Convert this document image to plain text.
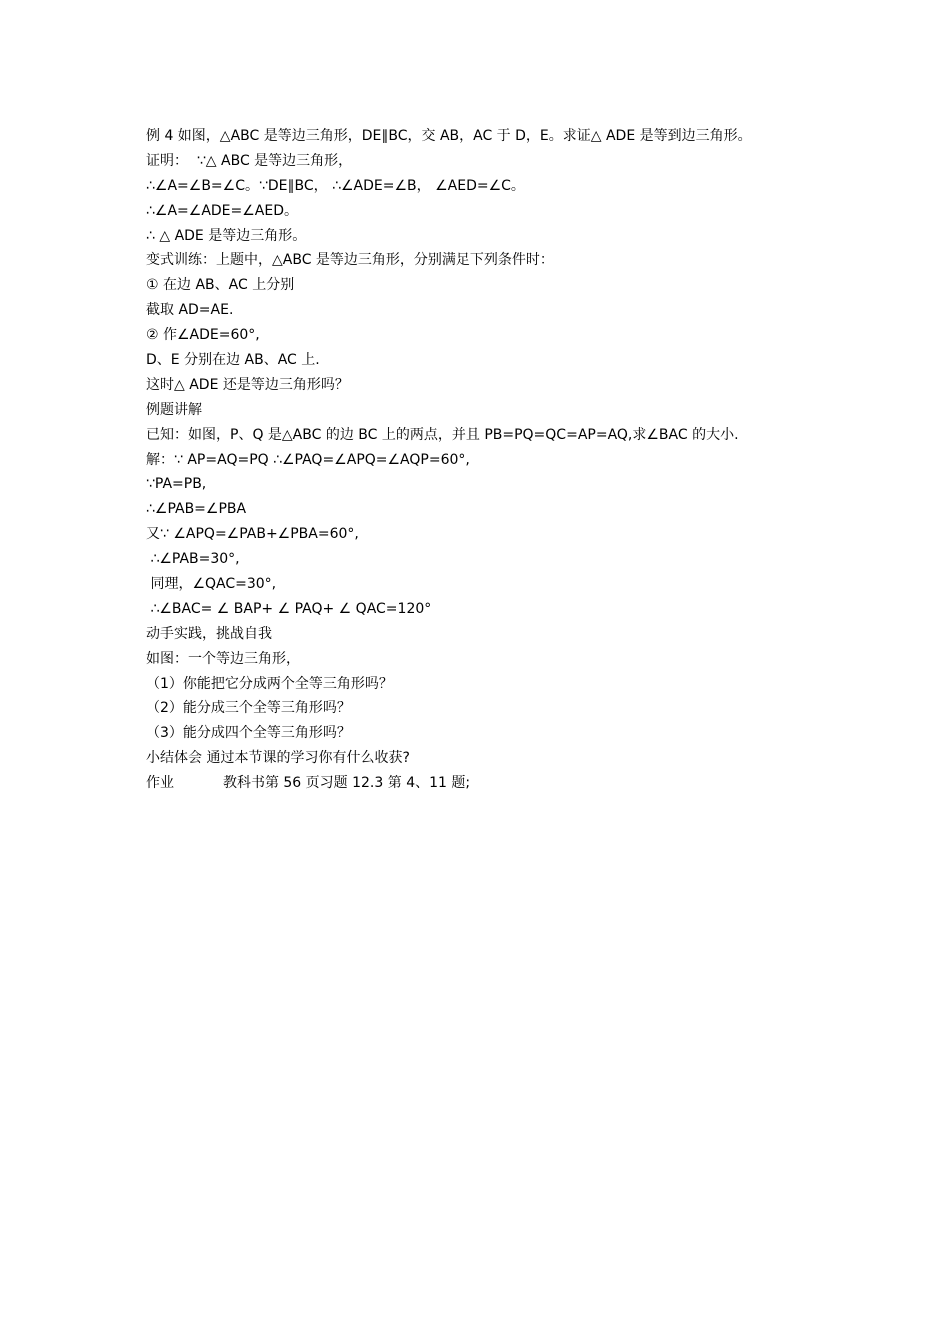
例 4 如图，△ABC 是等边三角形，DE∥BC，交 AB，AC 于 D，E。求证△ ADE 是等到边三角形。
证明：  ∵△ ABC 是等边三角形，
∴∠A=∠B=∠C。∵DE∥BC， ∴∠ADE=∠B， ∠AED=∠C。
∴∠A=∠ADE=∠AED。
∴ △ ADE 是等边三角形。
变式训练：上题中，△ABC 是等边三角形，分别满足下列条件时：
① 在边 AB、AC 上分别
截取 AD=AE.
② 作∠ADE=60°,
D、E 分别在边 AB、AC 上.
这时△ ADE 还是等边三角形吗？
例题讲解
已知：如图，P、Q 是△ABC 的边 BC 上的两点，并且 PB=PQ=QC=AP=AQ,求∠BAC 的大小.
解：∵ AP=AQ=PQ ∴∠PAQ=∠APQ=∠AQP=60°,
∵PA=PB,
∴∠PAB=∠PBA
又∵ ∠APQ=∠PAB+∠PBA=60°,
∴∠PAB=30°,
同理，∠QAC=30°,
∴∠BAC= ∠ BAP+ ∠ PAQ+ ∠ QAC=120°
动手实践，挑战自我
如图：一个等边三角形，
（1）你能把它分成两个全等三角形吗？
（2）能分成三个全等三角形吗？
（3）能分成四个全等三角形吗？
小结体会 通过本节课的学习你有什么收获?
作业           教科书第 56 页习题 12.3 第 4、11 题;
